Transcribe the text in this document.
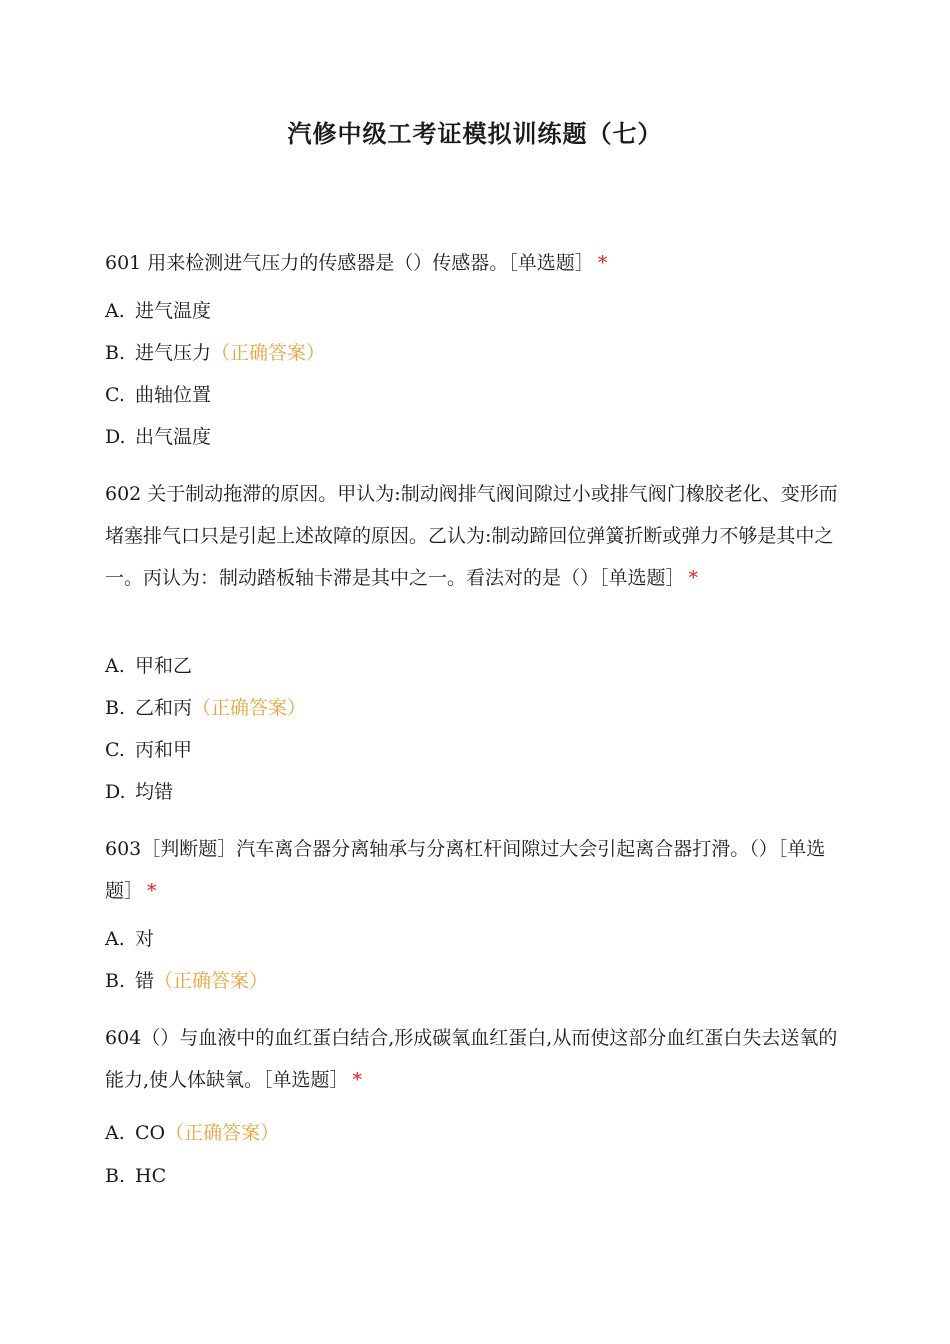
汽修中级工考证模拟训练题（七）
601 用来检测进气压力的传感器是（）传感器。［单选题］ *
A. 进气温度
B. 进气压力（正确答案）
C. 曲轴位置
D. 出气温度
602 关于制动拖滞的原因。甲认为:制动阀排气阀间隙过小或排气阀门橡胶老化、变形而堵塞排气口只是引起上述故障的原因。乙认为:制动蹄回位弹簧折断或弹力不够是其中之一。丙认为：制动踏板轴卡滞是其中之一。看法对的是（）［单选题］ *
A. 甲和乙
B. 乙和丙（正确答案）
C. 丙和甲
D. 均错
603［判断题］汽车离合器分离轴承与分离杠杆间隙过大会引起离合器打滑。（）［单选题］ *
A. 对
B. 错（正确答案）
604（）与血液中的血红蛋白结合,形成碳氧血红蛋白,从而使这部分血红蛋白失去送氧的能力,使人体缺氧。［单选题］ *
A. CO（正确答案）
B. HC
